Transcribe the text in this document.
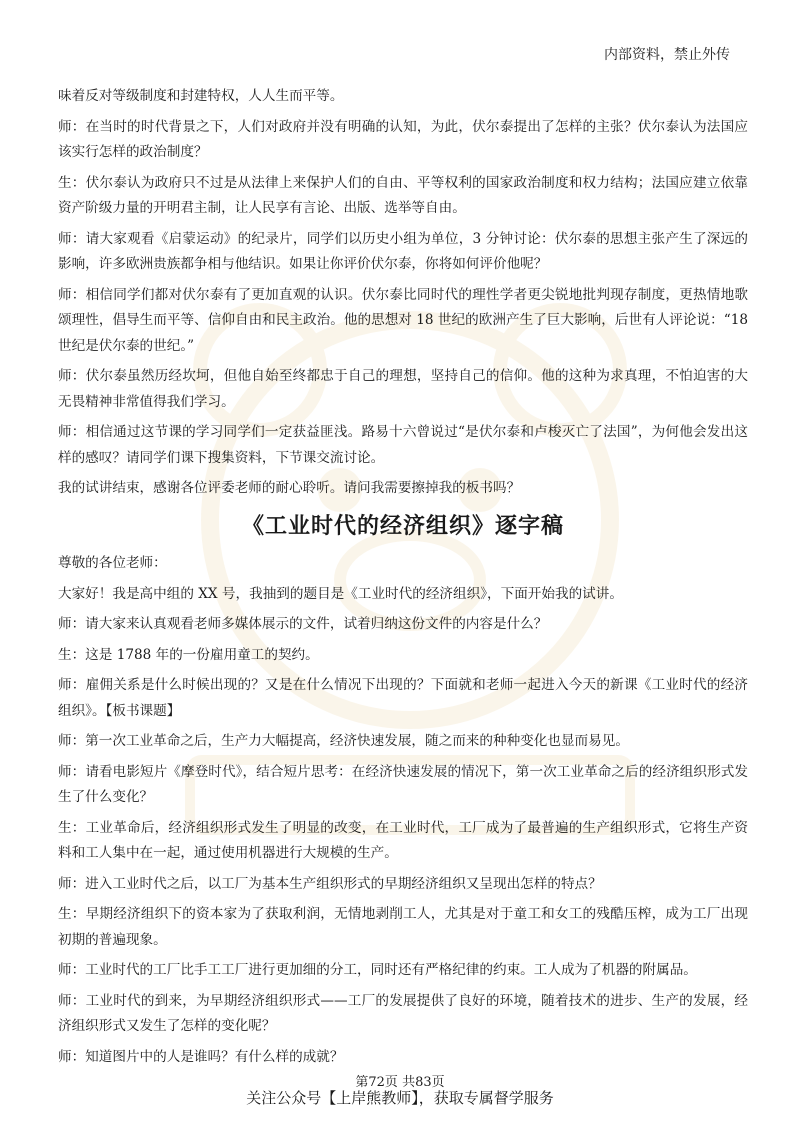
内部资料，禁止外传

味着反对等级制度和封建特权，人人生而平等。

师：在当时的时代背景之下，人们对政府并没有明确的认知，为此，伏尔泰提出了怎样的主张？伏尔泰认为法国应该实行怎样的政治制度？

生：伏尔泰认为政府只不过是从法律上来保护人们的自由、平等权利的国家政治制度和权力结构；法国应建立依靠资产阶级力量的开明君主制，让人民享有言论、出版、选举等自由。

师：请大家观看《启蒙运动》的纪录片，同学们以历史小组为单位，3 分钟讨论：伏尔泰的思想主张产生了深远的影响，许多欧洲贵族都争相与他结识。如果让你评价伏尔泰，你将如何评价他呢？

师：相信同学们都对伏尔泰有了更加直观的认识。伏尔泰比同时代的理性学者更尖锐地批判现存制度，更热情地歌颂理性，倡导生而平等、信仰自由和民主政治。他的思想对 18 世纪的欧洲产生了巨大影响，后世有人评论说：“18 世纪是伏尔泰的世纪。”

师：伏尔泰虽然历经坎坷，但他自始至终都忠于自己的理想，坚持自己的信仰。他的这种为求真理，不怕迫害的大无畏精神非常值得我们学习。

师：相信通过这节课的学习同学们一定获益匪浅。路易十六曾说过“是伏尔泰和卢梭灭亡了法国”，为何他会发出这样的感叹？请同学们课下搜集资料，下节课交流讨论。

我的试讲结束，感谢各位评委老师的耐心聆听。请问我需要擦掉我的板书吗？

《工业时代的经济组织》逐字稿

尊敬的各位老师：

大家好！我是高中组的 XX 号，我抽到的题目是《工业时代的经济组织》，下面开始我的试讲。

师：请大家来认真观看老师多媒体展示的文件，试着归纳这份文件的内容是什么？

生：这是 1788 年的一份雇用童工的契约。

师：雇佣关系是什么时候出现的？又是在什么情况下出现的？下面就和老师一起进入今天的新课《工业时代的经济组织》。【板书课题】

师：第一次工业革命之后，生产力大幅提高，经济快速发展，随之而来的种种变化也显而易见。

师：请看电影短片《摩登时代》，结合短片思考：在经济快速发展的情况下，第一次工业革命之后的经济组织形式发生了什么变化？

生：工业革命后，经济组织形式发生了明显的改变，在工业时代，工厂成为了最普遍的生产组织形式，它将生产资料和工人集中在一起，通过使用机器进行大规模的生产。

师：进入工业时代之后，以工厂为基本生产组织形式的早期经济组织又呈现出怎样的特点？

生：早期经济组织下的资本家为了获取利润，无情地剥削工人，尤其是对于童工和女工的残酷压榨，成为工厂出现初期的普遍现象。

师：工业时代的工厂比手工工厂进行更加细的分工，同时还有严格纪律的约束。工人成为了机器的附属品。

师：工业时代的到来，为早期经济组织形式——工厂的发展提供了良好的环境，随着技术的进步、生产的发展，经济组织形式又发生了怎样的变化呢？

师：知道图片中的人是谁吗？有什么样的成就？

第72页 共83页
关注公众号【上岸熊教师】，获取专属督学服务
